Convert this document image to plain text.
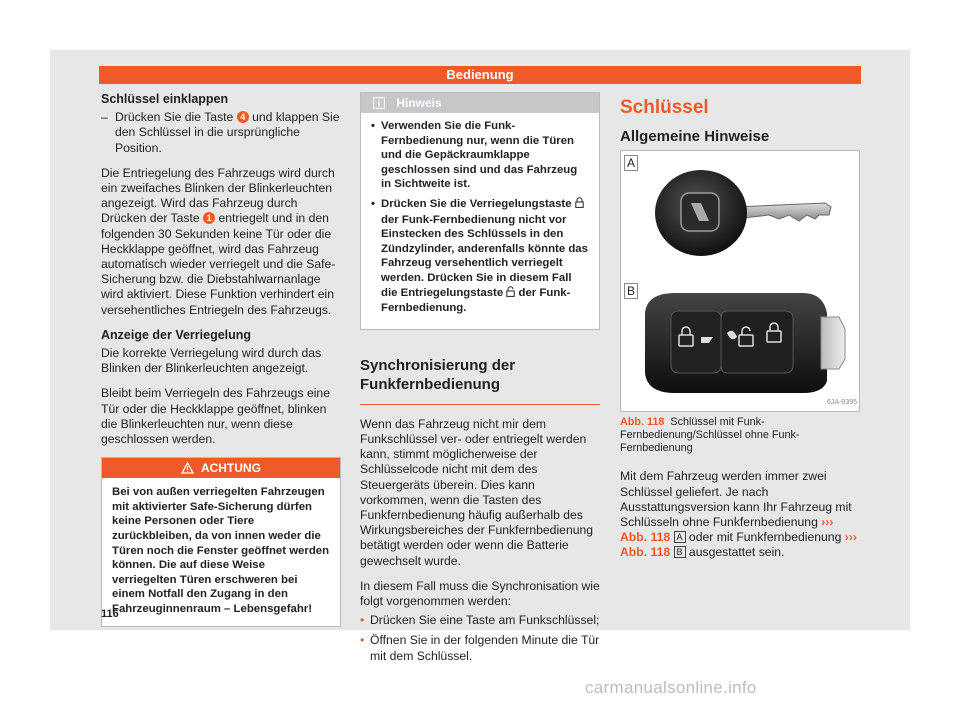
Bedienung
Schlüssel einklappen
– Drücken Sie die Taste 4 und klappen Sie den Schlüssel in die ursprüngliche Position.

Die Entriegelung des Fahrzeugs wird durch ein zweifaches Blinken der Blinkerleuchten angezeigt. Wird das Fahrzeug durch Drücken der Taste 1 entriegelt und in den folgenden 30 Sekunden keine Tür oder die Heckklappe geöffnet, wird das Fahrzeug automatisch wieder verriegelt und die Safe-Sicherung bzw. die Diebstahlwarnanlage wird aktiviert. Diese Funktion verhindert ein versehentliches Entriegeln des Fahrzeugs.

Anzeige der Verriegelung

Die korrekte Verriegelung wird durch das Blinken der Blinkerleuchten angezeigt.

Bleibt beim Verriegeln des Fahrzeugs eine Tür oder die Heckklappe geöffnet, blinken die Blinkerleuchten nur, wenn diese geschlossen werden.

ACHTUNG
Bei von außen verriegelten Fahrzeugen mit aktivierter Safe-Sicherung dürfen keine Personen oder Tiere zurückbleiben, da von innen weder die Türen noch die Fenster geöffnet werden können. Die auf diese Weise verriegelten Türen erschweren bei einem Notfall den Zugang in den Fahrzeuginnenraum – Lebensgefahr!
Hinweis
• Verwenden Sie die Funk-Fernbedienung nur, wenn die Türen und die Gepäckraumklappe geschlossen sind und das Fahrzeug in Sichtweite ist.
• Drücken Sie die Verriegelungstaste  der Funk-Fernbedienung nicht vor Einstecken des Schlüssels in den Zündzylinder, anderenfalls könnte das Fahrzeug versehentlich verriegelt werden. Drücken Sie in diesem Fall die Entriegelungstaste der Funk-Fernbedienung.
Synchronisierung der Funkfernbedienung

Wenn das Fahrzeug nicht mir dem Funkschlüssel ver- oder entriegelt werden kann, stimmt möglicherweise der Schlüsselcode nicht mit dem des Steuergeräts überein. Dies kann vorkommen, wenn die Tasten des Funkfernbedienung häufig außerhalb des Wirkungsbereiches der Funkfernbedienung betätigt werden oder wenn die Batterie gewechselt wurde.

In diesem Fall muss die Synchronisation wie folgt vorgenommen werden:

• Drücken Sie eine Taste am Funkschlüssel;
• Öffnen Sie in der folgenden Minute die Tür mit dem Schlüssel.
Schlüssel
Allgemeine Hinweise
A
B
6JA-0395
Abb. 118 Schlüssel mit Funk-Fernbedienung/Schlüssel ohne Funk-Fernbedienung

Mit dem Fahrzeug werden immer zwei Schlüssel geliefert. Je nach Ausstattungsversion kann Ihr Fahrzeug mit Schlüsseln ohne Funkfernbedienung ››› Abb. 118 A oder mit Funkfernbedienung ››› Abb. 118 B ausgestattet sein.

116
carmanualsonline.info
